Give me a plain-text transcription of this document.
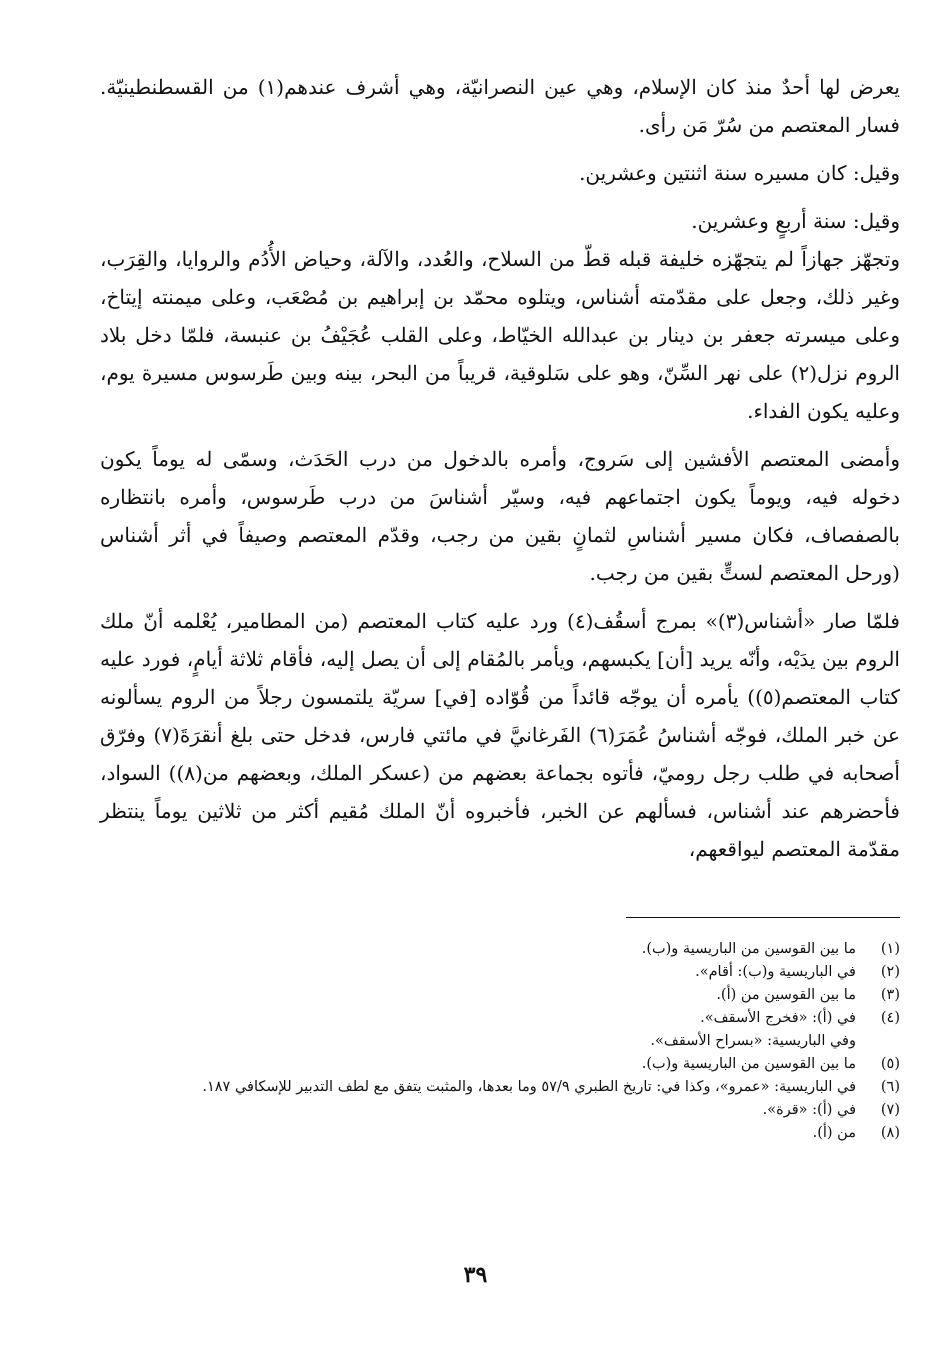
يعرض لها أحدٌ منذ كان الإسلام، وهي عين النصرانيّة، وهي أشرف عندهم(١) من القسطنطينيّة. فسار المعتصم من سُرّ مَن رأى.

وقيل: كان مسيره سنة اثنتين وعشرين.

وقيل: سنة أربعٍ وعشرين.

وتجهّز جهازاً لم يتجهّزه خليفة قبله قطّ من السلاح، والعُدد، والآلة، وحياض الأُدُم والروايا، والقِرَب، وغير ذلك، وجعل على مقدّمته أشناس، ويتلوه محمّد بن إبراهيم بن مُصْعَب، وعلى ميمنته إيتاخ، وعلى ميسرته جعفر بن دينار بن عبدالله الخيّاط، وعلى القلب عُجَيْفُ بن عنبسة، فلمّا دخل بلاد الروم نزل(٢) على نهر السِّنّ، وهو على سَلوقية، قريباً من البحر، بينه وبين طَرسوس مسيرة يوم، وعليه يكون الفداء.

وأمضى المعتصم الأفشين إلى سَروج، وأمره بالدخول من درب الحَدَث، وسمّى له يوماً يكون دخوله فيه، ويوماً يكون اجتماعهم فيه، وسيّر أشناسَ من درب طَرسوس، وأمره بانتظاره بالصفصاف، فكان مسير أشناسِ لثمانٍ بقين من رجب، وقدّم المعتصم وصيفاً في أثر أشناس (ورحل المعتصم لستٍّ بقين من رجب.

فلمّا صار «أشناس(٣)» بمرج أسقُف(٤) ورد عليه كتاب المعتصم (من المطامير، يُعْلمه أنّ ملك الروم بين يدَيْه، وأنّه يريد [أن] يكبسهم، ويأمر بالمُقام إلى أن يصل إليه، فأقام ثلاثة أيامٍ، فورد عليه كتاب المعتصم(٥)) يأمره أن يوجّه قائداً من قُوّاده [في] سريّة يلتمسون رجلاً من الروم يسألونه عن خبر الملك، فوجّه أشناسُ عُمَرَ(٦) الفَرغانيَّ في مائتي فارس، فدخل حتى بلغ أنقرَةَ(٧) وفرّق أصحابه في طلب رجل روميّ، فأتوه بجماعة بعضهم من (عسكر الملك، وبعضهم من(٨)) السواد، فأحضرهم عند أشناس، فسألهم عن الخبر، فأخبروه أنّ الملك مُقيم أكثر من ثلاثين يوماً ينتظر مقدّمة المعتصم ليواقعهم،

(١)
ما بين القوسين من الباريسية و(ب).
(٢)
في الباريسية و(ب): أقام».
(٣)
ما بين القوسين من (أ).
(٤)
في (أ): «فخرج الأسقف».
وفي الباريسية: «بسراح الأسقف».
(٥)
ما بين القوسين من الباريسية و(ب).
(٦)
في الباريسية: «عمرو»، وكذا في: تاريخ الطبري ٥٧/٩ وما بعدها، والمثبت يتفق مع لطف التدبير للإسكافي ١٨٧.
(٧)
في (أ): «قرة».
(٨)
من (أ).
٣٩
